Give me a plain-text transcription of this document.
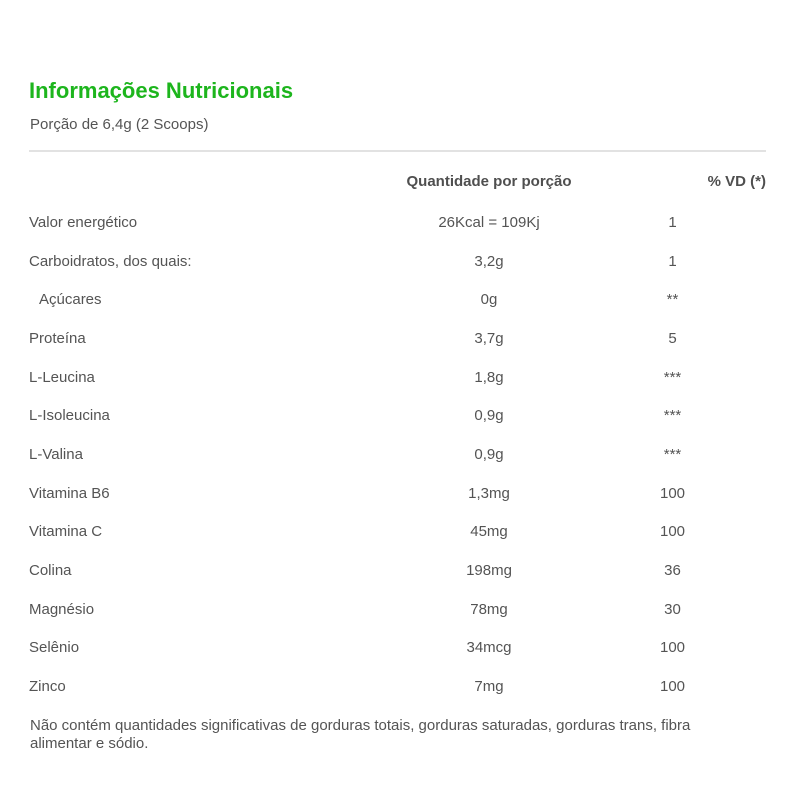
Informações Nutricionais

Porção de 6,4g (2 Scoops)

	Quantidade por porção	% VD (*)
Valor energético	26Kcal = 109Kj	1
Carboidratos, dos quais:	3,2g	1
Açúcares	0g	**
Proteína	3,7g	5
L-Leucina	1,8g	***
L-Isoleucina	0,9g	***
L-Valina	0,9g	***
Vitamina B6	1,3mg	100
Vitamina C	45mg	100
Colina	198mg	36
Magnésio	78mg	30
Selênio	34mcg	100
Zinco	7mg	100

Não contém quantidades significativas de gorduras totais, gorduras saturadas, gorduras trans, fibra alimentar e sódio.
